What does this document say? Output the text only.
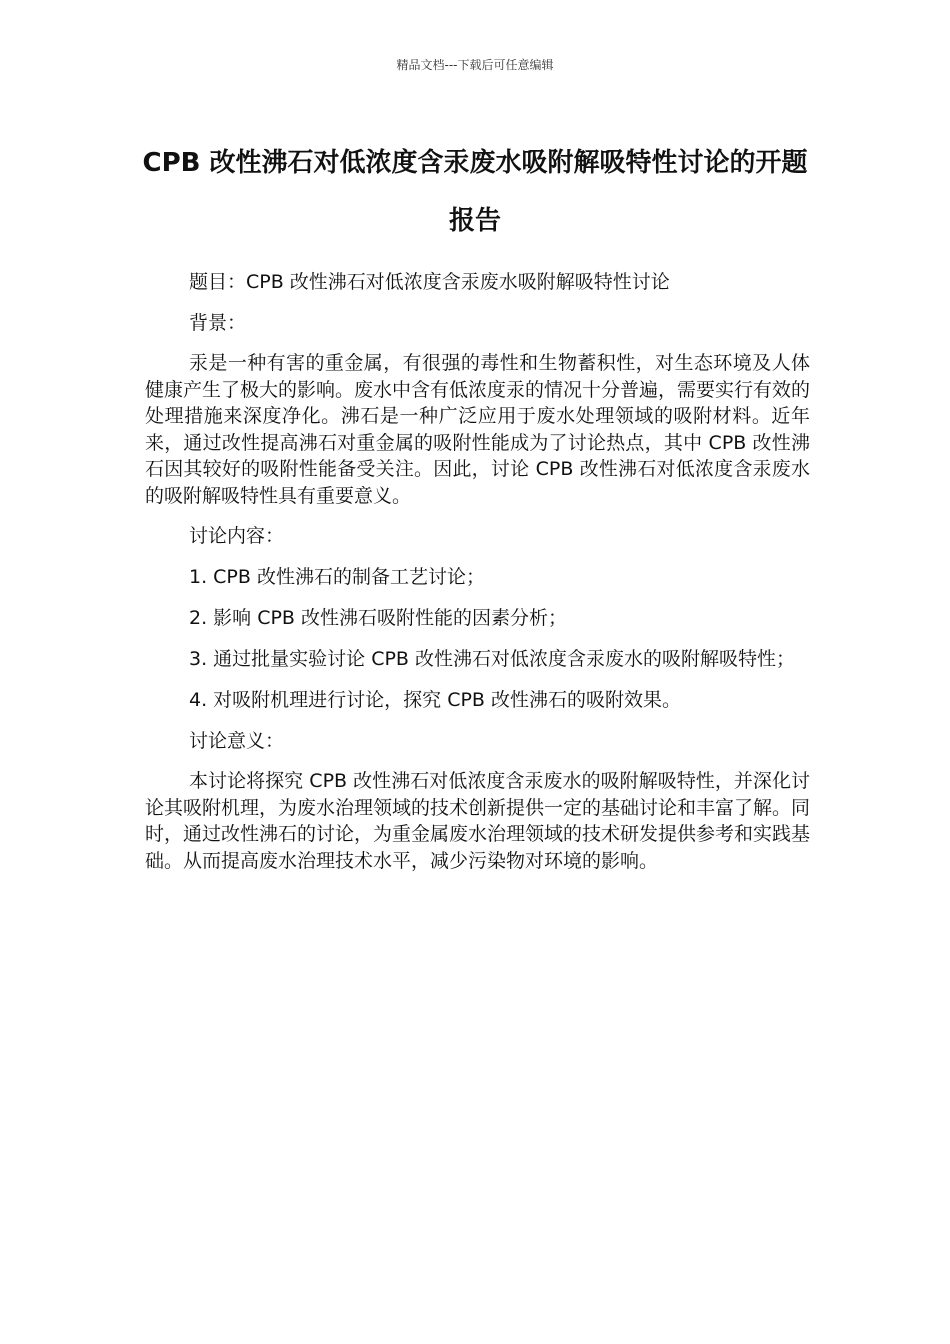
精品文档---下载后可任意编辑
CPB 改性沸石对低浓度含汞废水吸附解吸特性讨论的开题报告

题目：CPB 改性沸石对低浓度含汞废水吸附解吸特性讨论

背景：

汞是一种有害的重金属，有很强的毒性和生物蓄积性，对生态环境及人体健康产生了极大的影响。废水中含有低浓度汞的情况十分普遍，需要实行有效的处理措施来深度净化。沸石是一种广泛应用于废水处理领域的吸附材料。近年来，通过改性提高沸石对重金属的吸附性能成为了讨论热点，其中 CPB 改性沸石因其较好的吸附性能备受关注。因此，讨论 CPB 改性沸石对低浓度含汞废水的吸附解吸特性具有重要意义。

讨论内容：

1. CPB 改性沸石的制备工艺讨论；

2. 影响 CPB 改性沸石吸附性能的因素分析；

3. 通过批量实验讨论 CPB 改性沸石对低浓度含汞废水的吸附解吸特性；

4. 对吸附机理进行讨论，探究 CPB 改性沸石的吸附效果。

讨论意义：

本讨论将探究 CPB 改性沸石对低浓度含汞废水的吸附解吸特性，并深化讨论其吸附机理，为废水治理领域的技术创新提供一定的基础讨论和丰富了解。同时，通过改性沸石的讨论，为重金属废水治理领域的技术研发提供参考和实践基础。从而提高废水治理技术水平，减少污染物对环境的影响。
